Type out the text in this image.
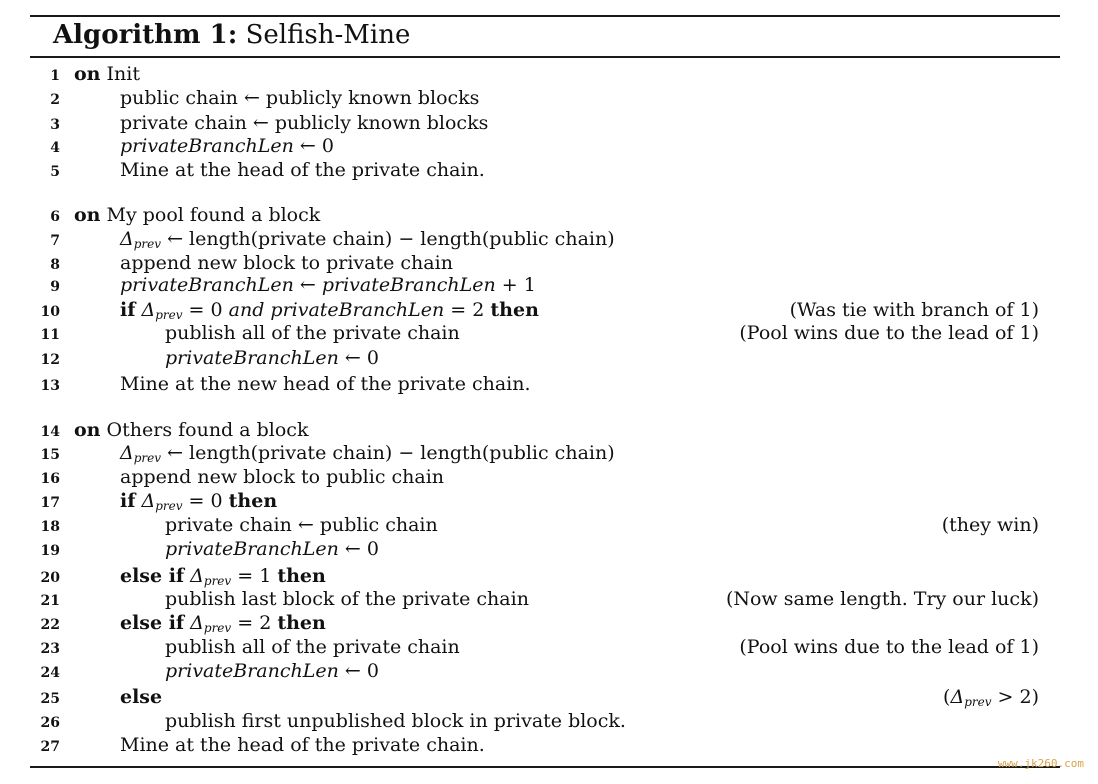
Algorithm 1: Selfish-Mine
1 on Init
2	public chain ← publicly known blocks
3	private chain ← publicly known blocks
4	privateBranchLen ← 0
5	Mine at the head of the private chain.
6 on My pool found a block
7	$\Delta_{prev}$ ← length(private chain) − length(public chain)
8	append new block to private chain
9	privateBranchLen ← privateBranchLen + 1
10	if $\Delta_{prev} = 0$ and privateBranchLen = 2 then	(Was tie with branch of 1)
11	publish all of the private chain	(Pool wins due to the lead of 1)
12	privateBranchLen ← 0
13	Mine at the new head of the private chain.
14 on Others found a block
15	$\Delta_{prev}$ ← length(private chain) − length(public chain)
16	append new block to public chain
17	if $\Delta_{prev} = 0$ then
18	private chain ← public chain	(they win)
19	privateBranchLen ← 0
20	else if $\Delta_{prev} = 1$ then
21	publish last block of the private chain	(Now same length. Try our luck)
22	else if $\Delta_{prev} = 2$ then
23	publish all of the private chain	(Pool wins due to the lead of 1)
24	privateBranchLen ← 0
25	else	$(\Delta_{prev} > 2)$
26	publish first unpublished block in private block.
27	Mine at the head of the private chain.
www.jk260.com
